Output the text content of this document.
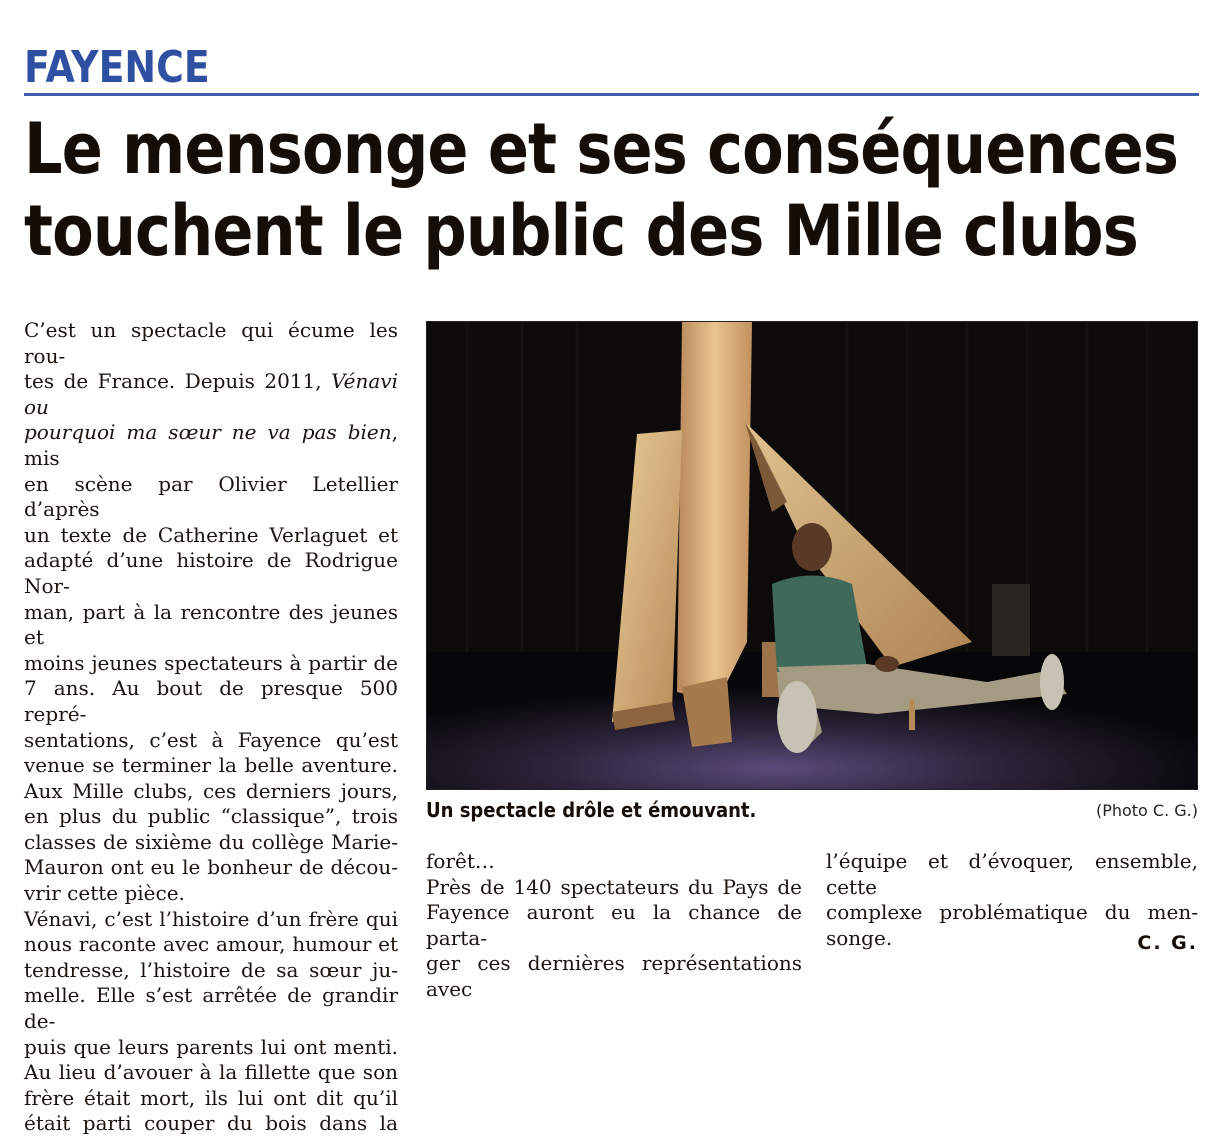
FAYENCE
Le mensonge et ses conséquences
touchent le public des Mille clubs
C’est un spectacle qui écume les rou-
tes de France. Depuis 2011, Vénavi ou
pourquoi ma sœur ne va pas bien, mis
en scène par Olivier Letellier d’après
un texte de Catherine Verlaguet et
adapté d’une histoire de Rodrigue Nor-
man, part à la rencontre des jeunes et
moins jeunes spectateurs à partir de
7 ans. Au bout de presque 500 repré-
sentations, c’est à Fayence qu’est
venue se terminer la belle aventure.
Aux Mille clubs, ces derniers jours,
en plus du public “classique”, trois
classes de sixième du collège Marie-
Mauron ont eu le bonheur de décou-
vrir cette pièce.
Vénavi, c’est l’histoire d’un frère qui
nous raconte avec amour, humour et
tendresse, l’histoire de sa sœur ju-
melle. Elle s’est arrêtée de grandir de-
puis que leurs parents lui ont menti.
Au lieu d’avouer à la fillette que son
frère était mort, ils lui ont dit qu’il
était parti couper du bois dans la
Un spectacle drôle et émouvant.	(Photo C. G.)
forêt…
Près de 140 spectateurs du Pays de
Fayence auront eu la chance de parta-
ger ces dernières représentations avec
l’équipe et d’évoquer, ensemble, cette
complexe problématique du men-
songe.	C. G.
